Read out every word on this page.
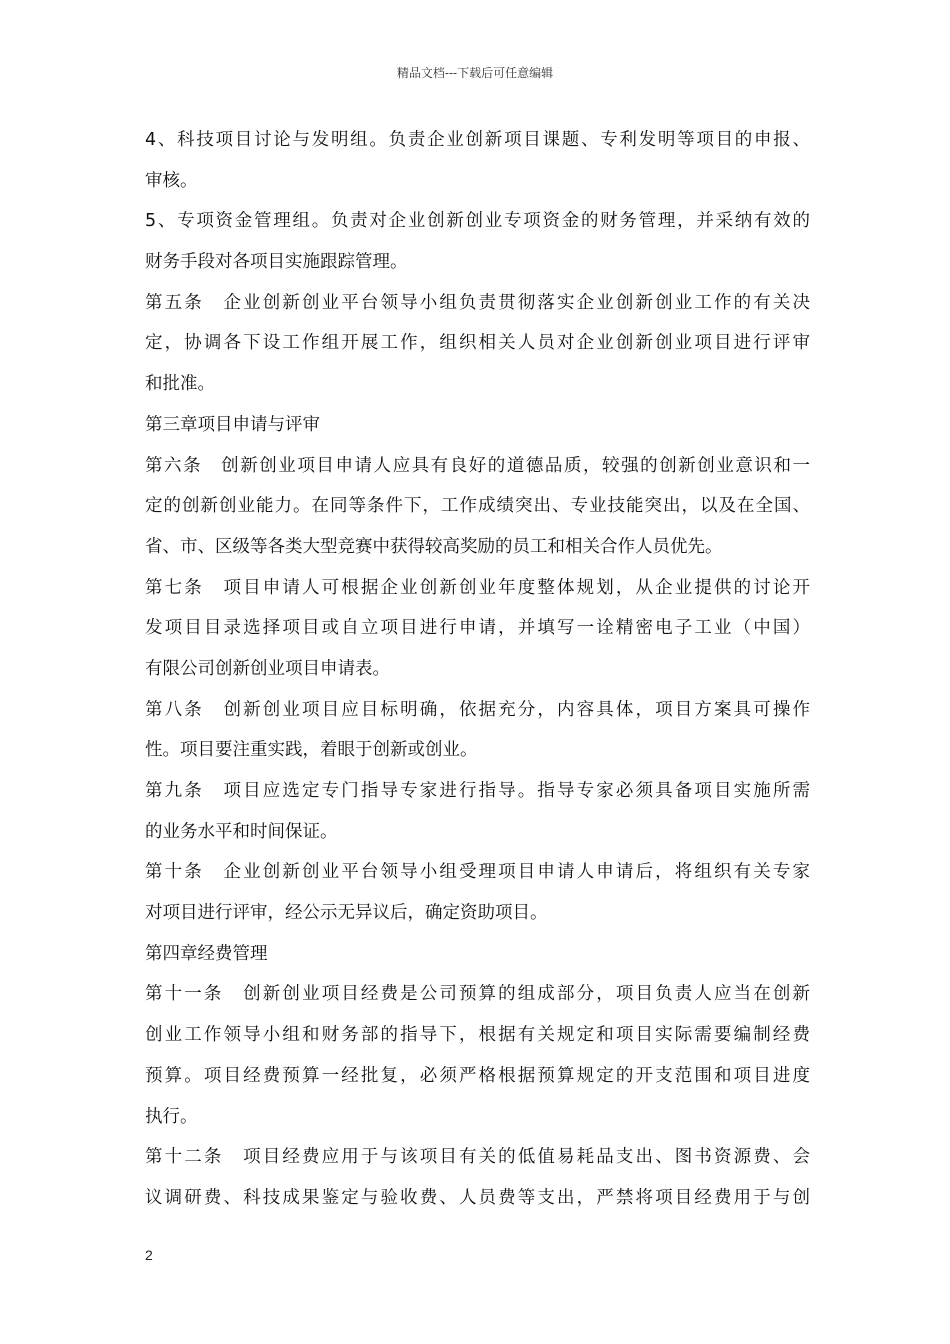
精品文档---下载后可任意编辑
4、科技项目讨论与发明组。负责企业创新项目课题、专利发明等项目的申报、
审核。
5、专项资金管理组。负责对企业创新创业专项资金的财务管理，并采纳有效的
财务手段对各项目实施跟踪管理。
第五条　企业创新创业平台领导小组负责贯彻落实企业创新创业工作的有关决
定，协调各下设工作组开展工作，组织相关人员对企业创新创业项目进行评审
和批准。
第三章项目申请与评审
第六条　创新创业项目申请人应具有良好的道德品质，较强的创新创业意识和一
定的创新创业能力。在同等条件下，工作成绩突出、专业技能突出，以及在全国、
省、市、区级等各类大型竞赛中获得较高奖励的员工和相关合作人员优先。
第七条　项目申请人可根据企业创新创业年度整体规划，从企业提供的讨论开
发项目目录选择项目或自立项目进行申请，并填写一诠精密电子工业（中国）
有限公司创新创业项目申请表。
第八条　创新创业项目应目标明确，依据充分，内容具体，项目方案具可操作
性。项目要注重实践，着眼于创新或创业。
第九条　项目应选定专门指导专家进行指导。指导专家必须具备项目实施所需
的业务水平和时间保证。
第十条　企业创新创业平台领导小组受理项目申请人申请后，将组织有关专家
对项目进行评审，经公示无异议后，确定资助项目。
第四章经费管理
第十一条　创新创业项目经费是公司预算的组成部分，项目负责人应当在创新
创业工作领导小组和财务部的指导下，根据有关规定和项目实际需要编制经费
预算。项目经费预算一经批复，必须严格根据预算规定的开支范围和项目进度
执行。
第十二条　项目经费应用于与该项目有关的低值易耗品支出、图书资源费、会
议调研费、科技成果鉴定与验收费、人员费等支出，严禁将项目经费用于与创
2
